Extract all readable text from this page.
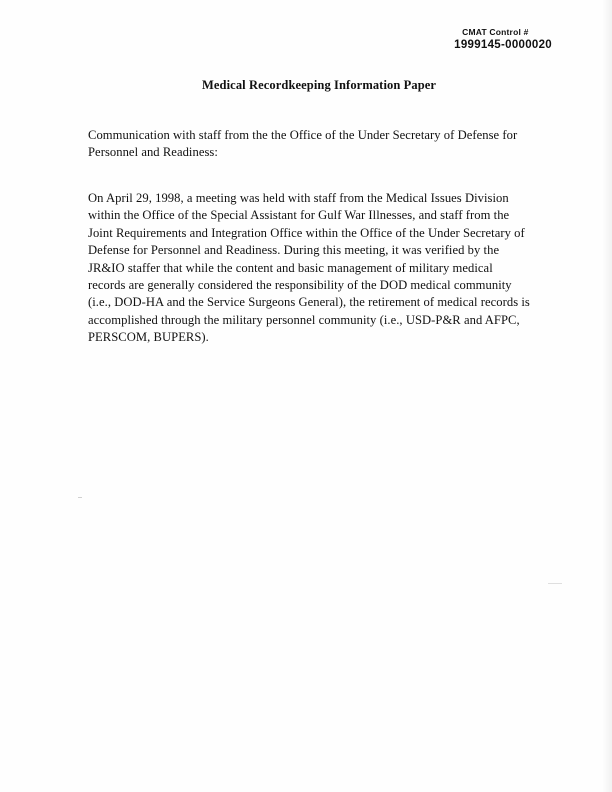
CMAT Control #
1999145-0000020
Medical Recordkeeping Information Paper
Communication with staff from the the Office of the Under Secretary of Defense for Personnel and Readiness:
On April 29, 1998, a meeting was held with staff from the Medical Issues Division within the Office of the Special Assistant for Gulf War Illnesses, and staff from the Joint Requirements and Integration Office within the Office of the Under Secretary of Defense for Personnel and Readiness. During this meeting, it was verified by the JR&IO staffer that while the content and basic management of military medical records are generally considered the responsibility of the DOD medical community (i.e., DOD-HA and the Service Surgeons General), the retirement of medical records is accomplished through the military personnel community (i.e., USD-P&R and AFPC, PERSCOM, BUPERS).
